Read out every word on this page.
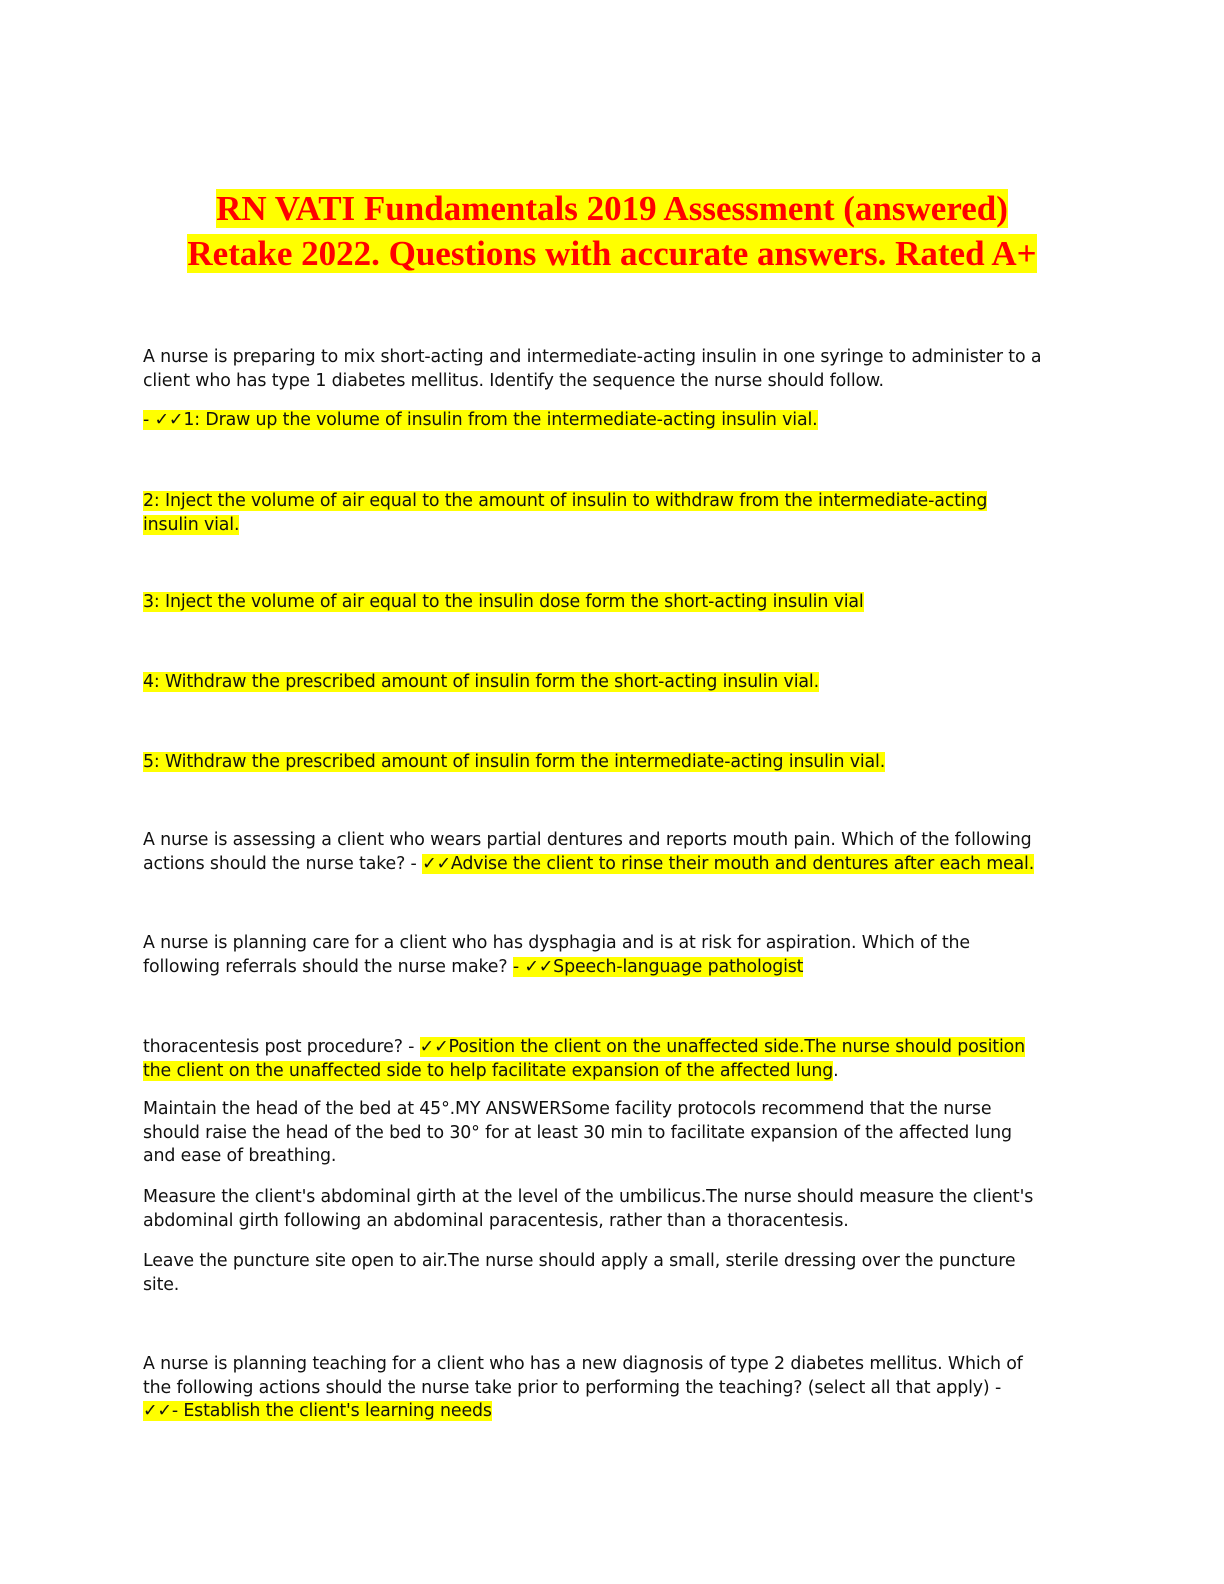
RN VATI Fundamentals 2019 Assessment (answered)
Retake 2022. Questions with accurate answers. Rated A+
A nurse is preparing to mix short-acting and intermediate-acting insulin in one syringe to administer to a
client who has type 1 diabetes mellitus. Identify the sequence the nurse should follow.
- ✓✓1: Draw up the volume of insulin from the intermediate-acting insulin vial.
2: Inject the volume of air equal to the amount of insulin to withdraw from the intermediate-acting
insulin vial.
3: Inject the volume of air equal to the insulin dose form the short-acting insulin vial
4: Withdraw the prescribed amount of insulin form the short-acting insulin vial.
5: Withdraw the prescribed amount of insulin form the intermediate-acting insulin vial.
A nurse is assessing a client who wears partial dentures and reports mouth pain. Which of the following
actions should the nurse take? - ✓✓Advise the client to rinse their mouth and dentures after each meal.
A nurse is planning care for a client who has dysphagia and is at risk for aspiration. Which of the
following referrals should the nurse make? - ✓✓Speech-language pathologist
thoracentesis post procedure? - ✓✓Position the client on the unaffected side.The nurse should position
the client on the unaffected side to help facilitate expansion of the affected lung.
Maintain the head of the bed at 45°.MY ANSWERSome facility protocols recommend that the nurse
should raise the head of the bed to 30° for at least 30 min to facilitate expansion of the affected lung
and ease of breathing.
Measure the client's abdominal girth at the level of the umbilicus.The nurse should measure the client's
abdominal girth following an abdominal paracentesis, rather than a thoracentesis.
Leave the puncture site open to air.The nurse should apply a small, sterile dressing over the puncture
site.
A nurse is planning teaching for a client who has a new diagnosis of type 2 diabetes mellitus. Which of
the following actions should the nurse take prior to performing the teaching? (select all that apply) -
✓✓- Establish the client's learning needs
